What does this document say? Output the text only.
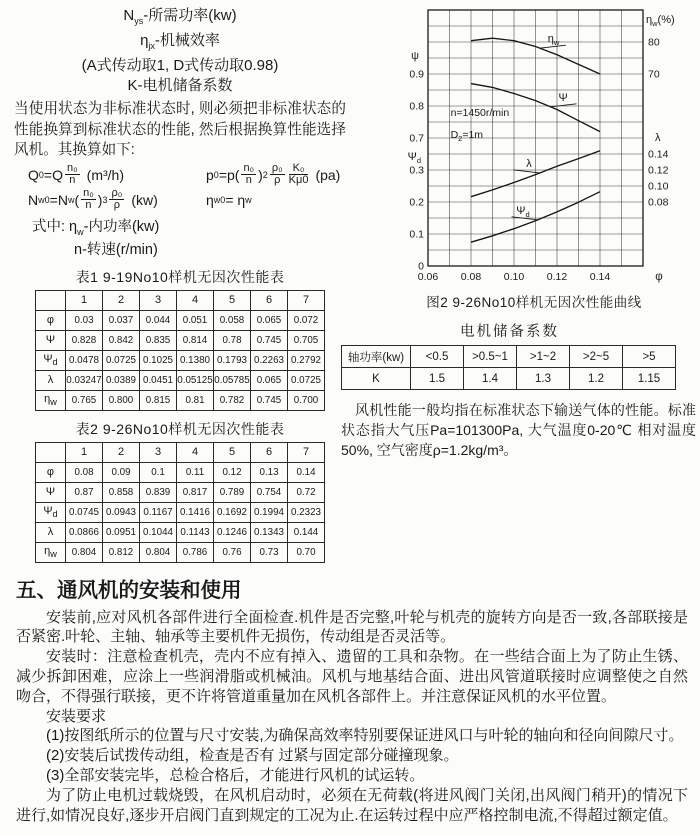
$N_{ys}-$所需功率(kw)
$\eta_{jx}-$机械效率
(A式传动取1, D式传动取0.98)
K-电机储备系数

当使用状态为非标准状态时, 则必须把非标准状态的性能换算到标准状态的性能, 然后根据换算性能选择风机。其换算如下:

Q $0 =Q \frac{\text{n₀}}{n} (m^3/h)$	p $0 =p( \frac{\text{n₀}}{n}$ ) $2 \frac{\text{ρ₀}}{\rho} \frac{\text{K₀}}{K\mu 0} (pa)$
N w0 =N w ( $\frac{\text{n₀}}{n}$ ) $3 \frac{\text{ρ₀}}{\rho} (kw)$	η w0 = η w
式中: $\eta_w-$内功率(kw)
n-转速(r/min)
表1 9-19No10样机无因次性能表
	1	2	3	4	5	6	7
φ	0.03	0.037	0.044	0.051	0.058	0.065	0.072
Ψ	0.828	0.842	0.835	0.814	0.78	0.745	0.705
$\Psi_d$	0.0478	0.0725	0.1025	0.1380	0.1793	0.2263	0.2792
λ	0.03247	0.0389	0.0451	0.05125	0.05785	0.065	0.0725
$\eta_w$	0.765	0.800	0.815	0.81	0.782	0.745	0.700
表2 9-26No10样机无因次性能表
	1	2	3	4	5	6	7
φ	0.08	0.09	0.1	0.11	0.12	0.13	0.14
Ψ	0.87	0.858	0.839	0.817	0.789	0.754	0.72
$\Psi_d$	0.0745	0.0943	0.1167	0.1416	0.1692	0.1994	0.2323
λ	0.0866	0.0951	0.1044	0.1143	0.1246	0.1343	0.144
$\eta_w$	0.804	0.812	0.804	0.786	0.76	0.73	0.70
0.9
0.8
0.7
0.3
0.2
0.1
0
80
70
0.14
0.12
0.10
0.08
ψ
$\Psi_d$
$\eta_w(\%)$
λ
0.06 0.08 0.10 0.12 0.14	φ
n=1450r/min
$D_2=1m$
$\eta_w$
Ψ
λ
$\Psi_d$
图2 9-26No10样机无因次性能曲线
电机储备系数
轴功率(kw)	<0.5	>0.5~1	>1~2	>2~5	>5
K	1.5	1.4	1.3	1.2	1.15

风机性能一般均指在标准状态下输送气体的性能。标准状态指大气压Pa=101300Pa, 大气温度0-20℃ 相对温度50%, 空气密度ρ=1.2kg/m³。

五、通风机的安装和使用

安装前,应对风机各部件进行全面检查.机件是否完整,叶轮与机壳的旋转方向是否一致,各部联接是否紧密.叶轮、主轴、轴承等主要机件无损伤，传动组是否灵活等。

安装时：注意检查机壳，壳内不应有掉入、遗留的工具和杂物。在一些结合面上为了防止生锈、减少拆卸困难，应涂上一些润滑脂或机械油。风机与地基结合面、进出风管道联接时应调整使之自然吻合，不得强行联接，更不许将管道重量加在风机各部件上。并注意保证风机的水平位置。

安装要求

(1)按图纸所示的位置与尺寸安装,为确保高效率特别要保证进风口与叶轮的轴向和径向间隙尺寸。

(2)安装后试拨传动组，检查是否有 过紧与固定部分碰撞现象。

(3)全部安装完毕，总检合格后，才能进行风机的试运转。

为了防止电机过载烧毁，在风机启动时，必须在无荷载(将进风阀门关闭,出风阀门稍开)的情况下进行,如情况良好,逐步开启阀门直到规定的工况为止.在运转过程中应严格控制电流,不得超过额定值。
